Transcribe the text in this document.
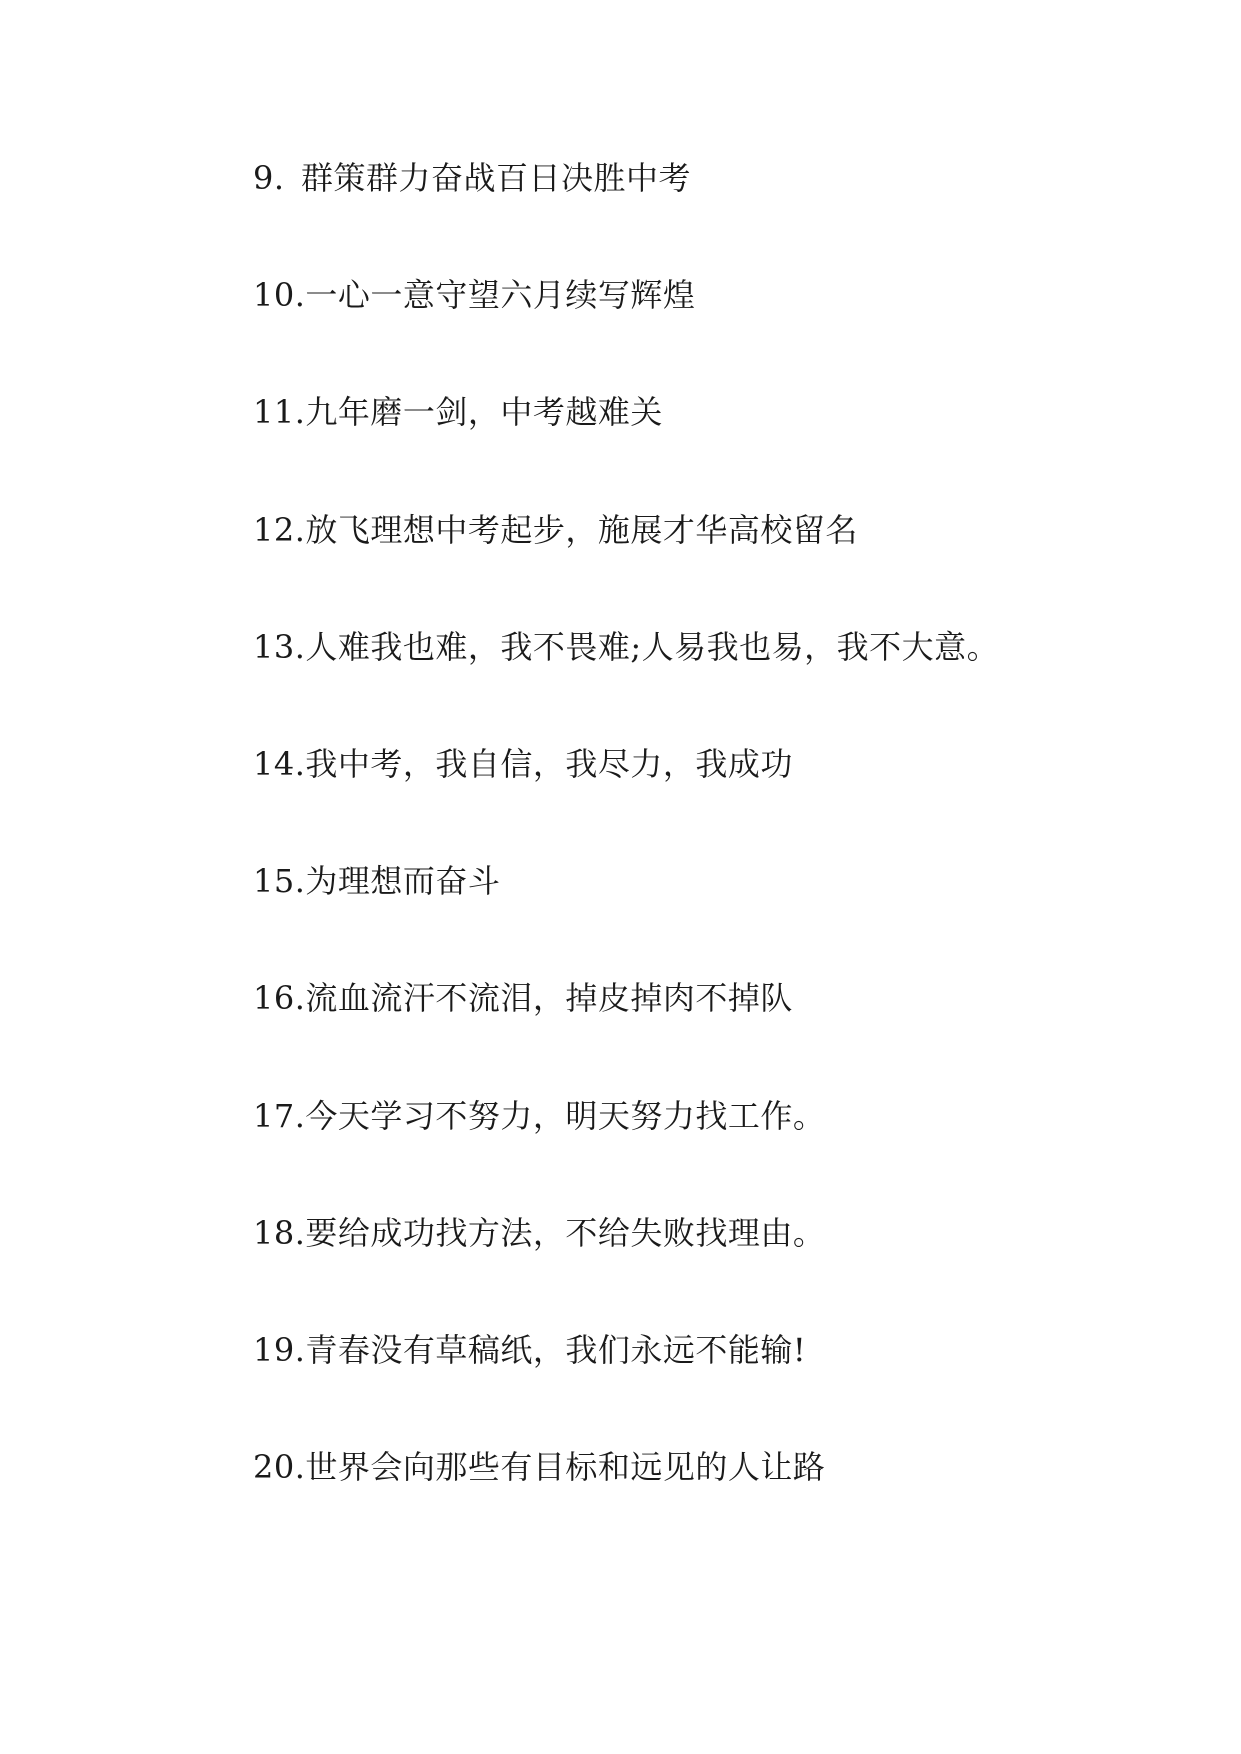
9. 群策群力奋战百日决胜中考
10. 一心一意守望六月续写辉煌
11. 九年磨一剑，中考越难关
12. 放飞理想中考起步，施展才华高校留名
13. 人难我也难，我不畏难;人易我也易，我不大意。
14. 我中考，我自信，我尽力，我成功
15. 为理想而奋斗
16. 流血流汗不流泪，掉皮掉肉不掉队
17. 今天学习不努力，明天努力找工作。
18. 要给成功找方法，不给失败找理由。
19. 青春没有草稿纸，我们永远不能输!
20. 世界会向那些有目标和远见的人让路
